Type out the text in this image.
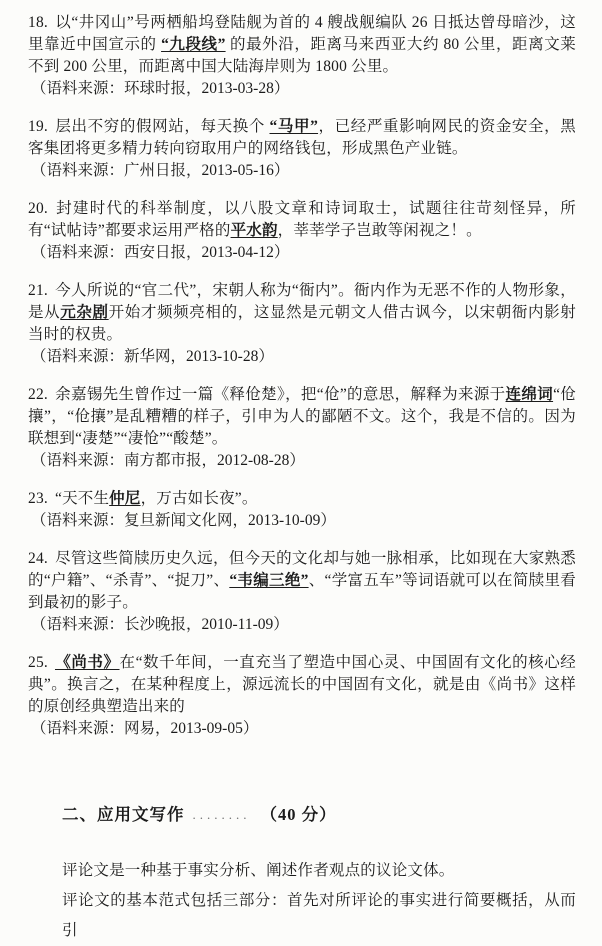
18. 以“井冈山”号两栖船坞登陆舰为首的 4 艘战舰编队 26 日抵达曾母暗沙，这里靠近中国宣示的 “九段线” 的最外沿，距离马来西亚大约 80 公里，距离文莱不到 200 公里，而距离中国大陆海岸则为 1800 公里。

（语料来源：环球时报，2013-03-28）

19. 层出不穷的假网站，每天换个 “马甲”，已经严重影响网民的资金安全，黑客集团将更多精力转向窃取用户的网络钱包，形成黑色产业链。

（语料来源：广州日报，2013-05-16）

20. 封建时代的科举制度，以八股文章和诗词取士，试题往往苛刻怪异，所有“试帖诗”都要求运用严格的平水韵，莘莘学子岂敢等闲视之！。

（语料来源：西安日报，2013-04-12）

21. 今人所说的“官二代”，宋朝人称为“衙内”。衙内作为无恶不作的人物形象，是从元杂剧开始才频频亮相的，这显然是元朝文人借古讽今，以宋朝衙内影射当时的权贵。

（语料来源：新华网，2013-10-28）

22. 余嘉锡先生曾作过一篇《释伧楚》，把“伧”的意思，解释为来源于连绵词“伧攘”，“伧攘”是乱糟糟的样子，引申为人的鄙陋不文。这个，我是不信的。因为联想到“凄楚”“凄怆”“酸楚”。

（语料来源：南方都市报，2012-08-28）

23. “天不生仲尼，万古如长夜”。

（语料来源：复旦新闻文化网，2013-10-09）

24. 尽管这些简牍历史久远，但今天的文化却与她一脉相承，比如现在大家熟悉的“户籍”、“杀青”、“捉刀”、“韦编三绝”、“学富五车”等词语就可以在简牍里看到最初的影子。

（语料来源：长沙晚报，2010-11-09）

25. 《尚书》在“数千年间，一直充当了塑造中国心灵、中国固有文化的核心经典”。换言之，在某种程度上，源远流长的中国固有文化，就是由《尚书》这样的原创经典塑造出来的

（语料来源：网易，2013-09-05）

二、应用文写作 ........ （40 分）

评论文是一种基于事实分析、阐述作者观点的议论文体。

评论文的基本范式包括三部分：首先对所评论的事实进行简要概括，从而引
